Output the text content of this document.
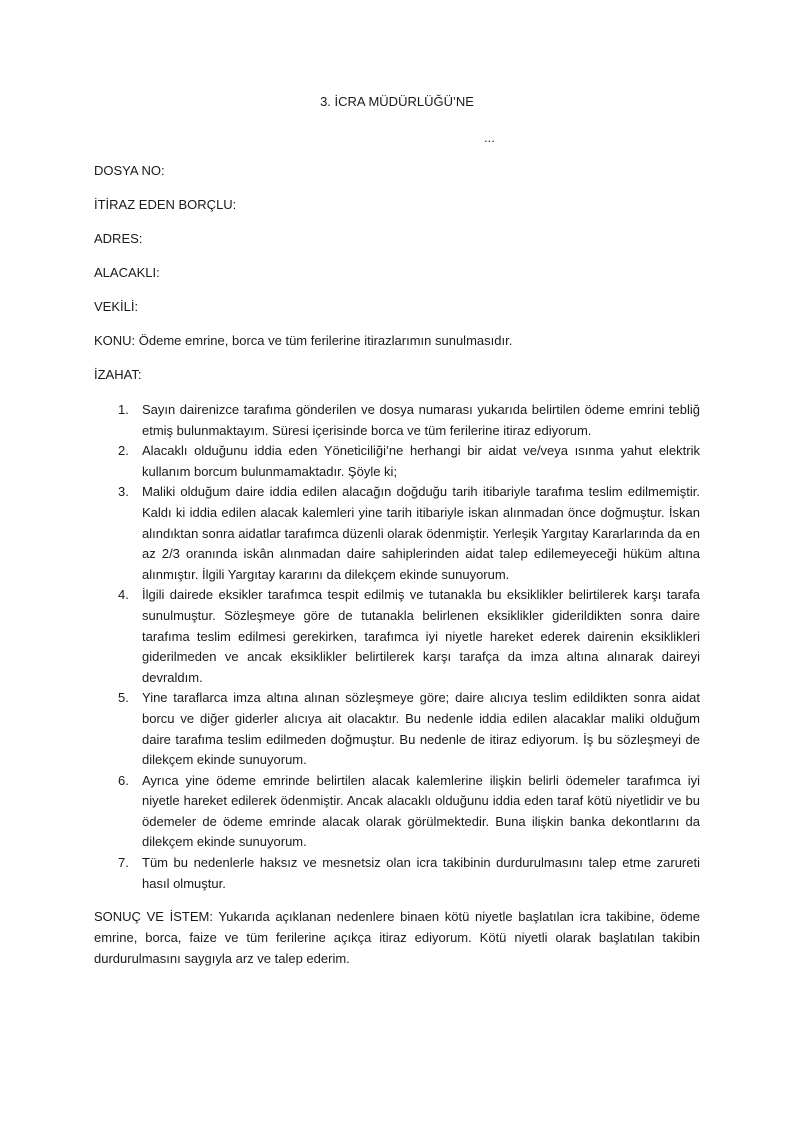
3. İCRA MÜDÜRLÜĞÜ’NE
...
DOSYA NO:
İTİRAZ EDEN BORÇLU:
ADRES:
ALACAKLI:
VEKİLİ:
KONU: Ödeme emrine, borca ve tüm ferilerine itirazlarımın sunulmasıdır.
İZAHAT:
1. Sayın dairenizce tarafıma gönderilen ve dosya numarası yukarıda belirtilen ödeme emrini tebliğ etmiş bulunmaktayım. Süresi içerisinde borca ve tüm ferilerine itiraz ediyorum.
2. Alacaklı olduğunu iddia eden Yöneticiliği’ne herhangi bir aidat ve/veya ısınma yahut elektrik kullanım borcum bulunmamaktadır. Şöyle ki;
3. Maliki olduğum daire iddia edilen alacağın doğduğu tarih itibariyle tarafıma teslim edilmemiştir. Kaldı ki iddia edilen alacak kalemleri yine tarih itibariyle iskan alınmadan önce doğmuştur. İskan alındıktan sonra aidatlar tarafımca düzenli olarak ödenmiştir. Yerleşik Yargıtay Kararlarında da en az 2/3 oranında iskân alınmadan daire sahiplerinden aidat talep edilemeyeceği hüküm altına alınmıştır. İlgili Yargıtay kararını da dilekçem ekinde sunuyorum.
4. İlgili dairede eksikler tarafımca tespit edilmiş ve tutanakla bu eksiklikler belirtilerek karşı tarafa sunulmuştur. Sözleşmeye göre de tutanakla belirlenen eksiklikler giderildikten sonra daire tarafıma teslim edilmesi gerekirken, tarafımca iyi niyetle hareket ederek dairenin eksiklikleri giderilmeden ve ancak eksiklikler belirtilerek karşı tarafça da imza altına alınarak daireyi devraldım.
5. Yine taraflarca imza altına alınan sözleşmeye göre; daire alıcıya teslim edildikten sonra aidat borcu ve diğer giderler alıcıya ait olacaktır. Bu nedenle iddia edilen alacaklar maliki olduğum daire tarafıma teslim edilmeden doğmuştur. Bu nedenle de itiraz ediyorum. İş bu sözleşmeyi de dilekçem ekinde sunuyorum.
6. Ayrıca yine ödeme emrinde belirtilen alacak kalemlerine ilişkin belirli ödemeler tarafımca iyi niyetle hareket edilerek ödenmiştir. Ancak alacaklı olduğunu iddia eden taraf kötü niyetlidir ve bu ödemeler de ödeme emrinde alacak olarak görülmektedir. Buna ilişkin banka dekontlarını da dilekçem ekinde sunuyorum.
7. Tüm bu nedenlerle haksız ve mesnetsiz olan icra takibinin durdurulmasını talep etme zarureti hasıl olmuştur.
SONUÇ VE İSTEM: Yukarıda açıklanan nedenlere binaen kötü niyetle başlatılan icra takibine, ödeme emrine, borca, faize ve tüm ferilerine açıkça itiraz ediyorum. Kötü niyetli olarak başlatılan takibin durdurulmasını saygıyla arz ve talep ederim.
